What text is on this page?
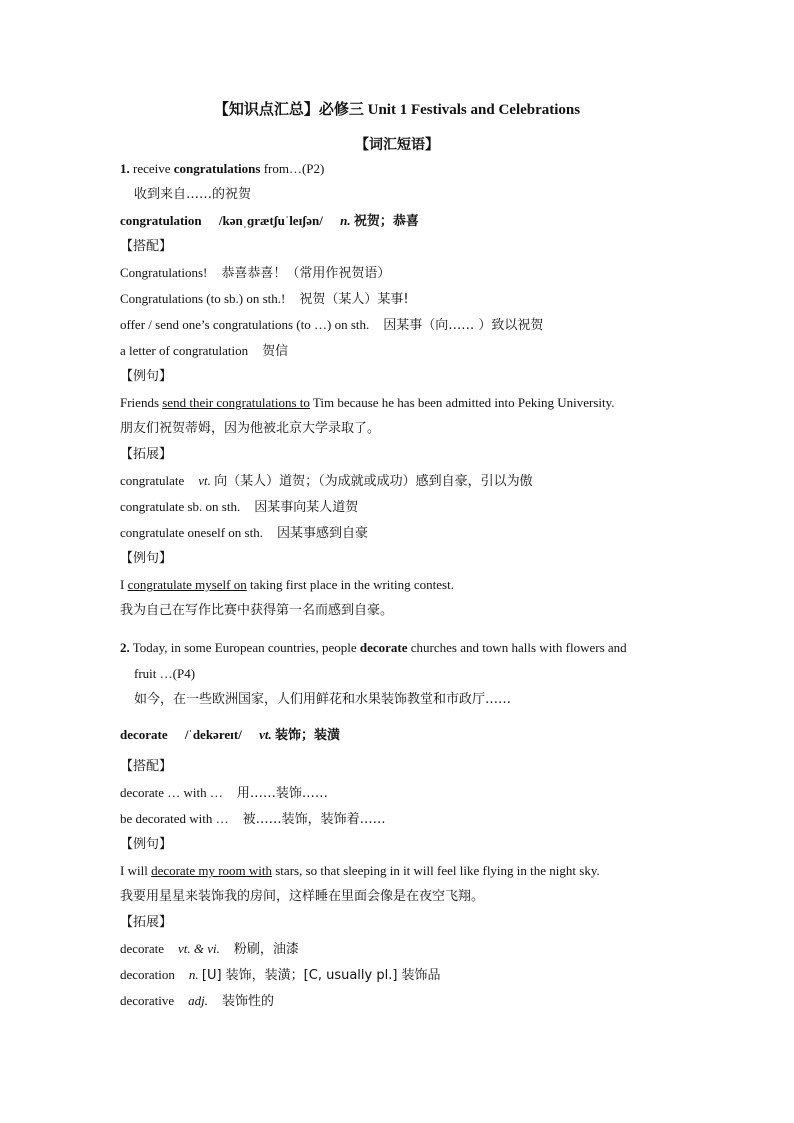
【知识点汇总】必修三 Unit 1 Festivals and Celebrations
【词汇短语】
1. receive congratulations from…(P2)
收到来自……的祝贺
congratulation /kənˌɡrætʃuˈleɪʃən/ n. 祝贺；恭喜
【搭配】
Congratulations! 恭喜恭喜！（常用作祝贺语）
Congratulations (to sb.) on sth.! 祝贺（某人）某事!
offer / send one’s congratulations (to …) on sth. 因某事（向…… ）致以祝贺
a letter of congratulation 贺信
【例句】
Friends send their congratulations to Tim because he has been admitted into Peking University.
朋友们祝贺蒂姆，因为他被北京大学录取了。
【拓展】
congratulate vt. 向（某人）道贺；（为成就或成功）感到自豪，引以为傲
congratulate sb. on sth. 因某事向某人道贺
congratulate oneself on sth. 因某事感到自豪
【例句】
I congratulate myself on taking first place in the writing contest.
我为自己在写作比赛中获得第一名而感到自豪。
2. Today, in some European countries, people decorate churches and town halls with flowers and
fruit …(P4)
如今，在一些欧洲国家，人们用鲜花和水果装饰教堂和市政厅……
decorate /ˈdekəreɪt/ vt. 装饰；装潢
【搭配】
decorate … with … 用……装饰……
be decorated with … 被……装饰，装饰着……
【例句】
I will decorate my room with stars, so that sleeping in it will feel like flying in the night sky.
我要用星星来装饰我的房间，这样睡在里面会像是在夜空飞翔。
【拓展】
decorate vt. & vi. 粉刷，油漆
decoration n. [U] 装饰，装潢；[C, usually pl.] 装饰品
decorative adj. 装饰性的
